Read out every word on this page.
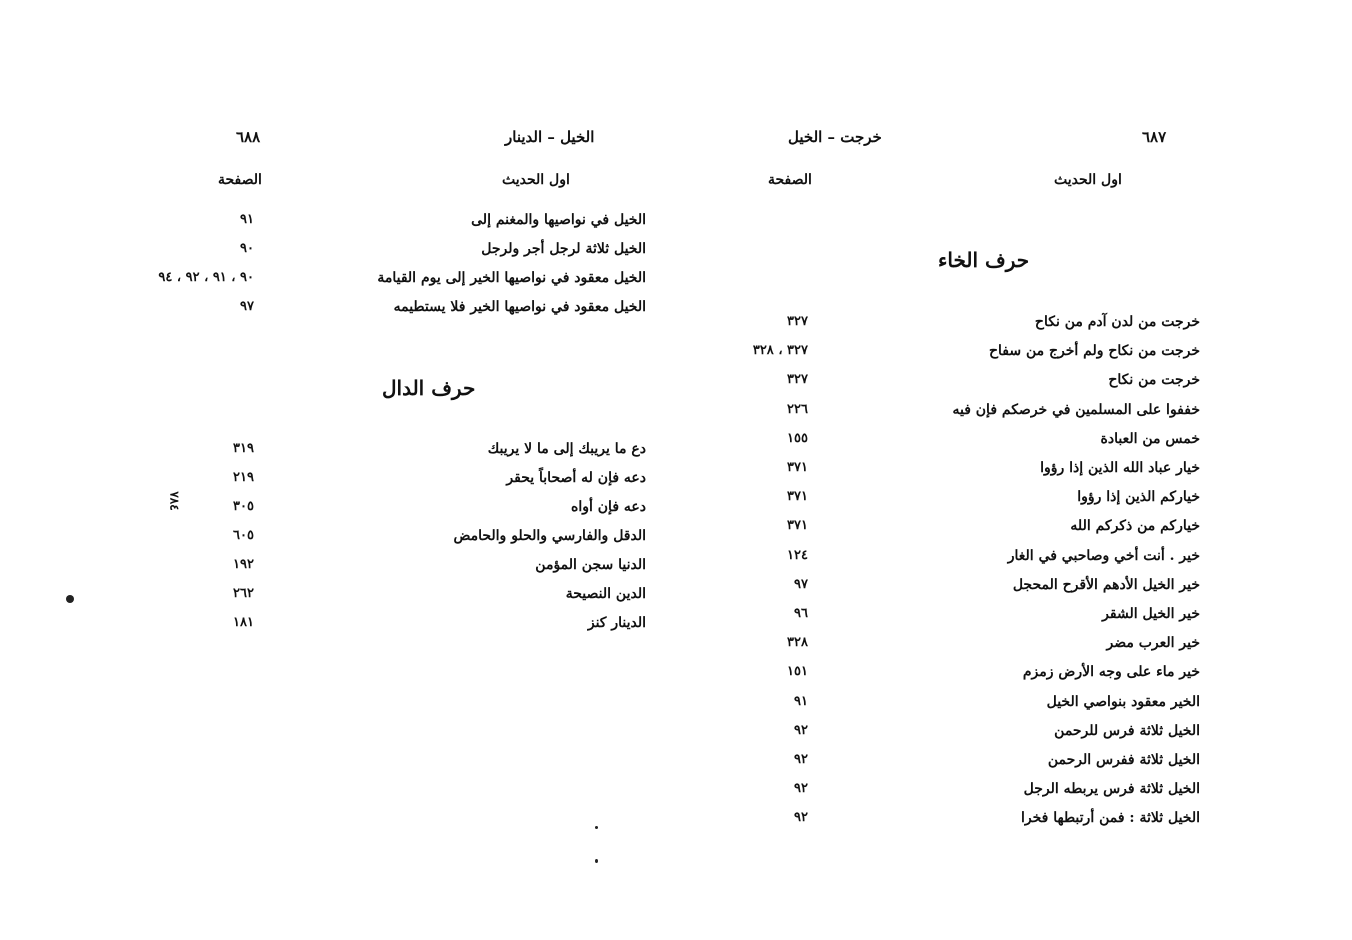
٦٨٧
خرجت – الخيل
اول الحديث
الصفحة
حرف الخاء
خرجت من لدن آدم من نكاح
٣٢٧
خرجت من نكاح ولم أخرج من سفاح
٣٢٧ ، ٣٢٨
خرجت من نكاح
٣٢٧
خففوا على المسلمين في خرصكم فإن فيه
٢٢٦
خمس من العبادة
١٥٥
خيار عباد الله الذين إذا رؤوا
٣٧١
خياركم الذين إذا رؤوا
٣٧١
خياركم من ذكركم الله
٣٧١
خير . أنت أخي وصاحبي في الغار
١٢٤
خير الخيل الأدهم الأقرح المحجل
٩٧
خير الخيل الشقر
٩٦
خير العرب مضر
٣٢٨
خير ماء على وجه الأرض زمزم
١٥١
الخير معقود بنواصي الخيل
٩١
الخيل ثلاثة فرس للرحمن
٩٢
الخيل ثلاثة ففرس الرحمن
٩٢
الخيل ثلاثة فرس يربطه الرجل
٩٢
الخيل ثلاثة : فمن أرتبطها فخرا
٩٢
٦٨٨	الخيل – الدينار
اول الحديث
الصفحة
الخيل في نواصيها والمغنم إلى
٩١
الخيل ثلاثة لرجل أجر ولرجل
٩٠
الخيل معقود في نواصيها الخير إلى يوم القيامة
٩٠ ، ٩١ ، ٩٢ ، ٩٤
الخيل معقود في نواصيها الخير فلا يستطيمه
٩٧
حرف الدال
دع ما يريبك إلى ما لا يريبك
٣١٩
دعه فإن له أصحاباً يحقر
٢١٩
دعه فإن أواه
٣٠٥
الدقل والفارسي والحلو والحامض
٦٠٥
الدنيا سجن المؤمن
١٩٢
الدين النصيحة
٢٦٢
الدينار كنز
١٨١
٧٨٤
